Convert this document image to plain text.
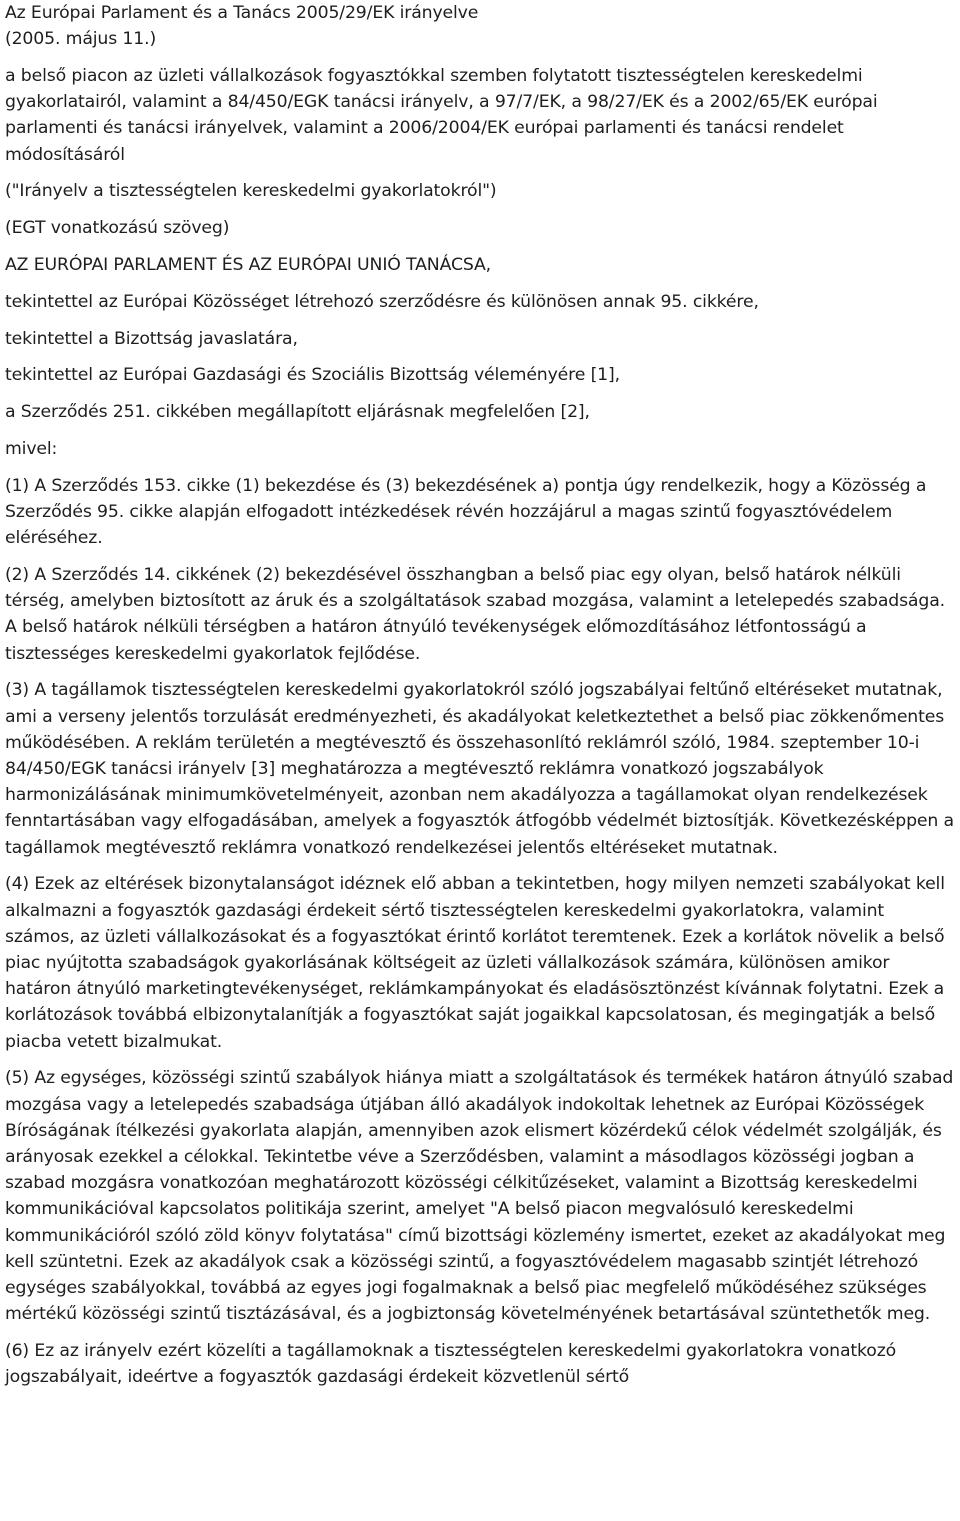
Az Európai Parlament és a Tanács 2005/29/EK irányelve
(2005. május 11.)
a belső piacon az üzleti vállalkozások fogyasztókkal szemben folytatott tisztességtelen kereskedelmi gyakorlatairól, valamint a 84/450/EGK tanácsi irányelv, a 97/7/EK, a 98/27/EK és a 2002/65/EK európai parlamenti és tanácsi irányelvek, valamint a 2006/2004/EK európai parlamenti és tanácsi rendelet módosításáról
("Irányelv a tisztességtelen kereskedelmi gyakorlatokról")
(EGT vonatkozású szöveg)
AZ EURÓPAI PARLAMENT ÉS AZ EURÓPAI UNIÓ TANÁCSA,
tekintettel az Európai Közösséget létrehozó szerződésre és különösen annak 95. cikkére,
tekintettel a Bizottság javaslatára,
tekintettel az Európai Gazdasági és Szociális Bizottság véleményére [1],
a Szerződés 251. cikkében megállapított eljárásnak megfelelően [2],
mivel:
(1) A Szerződés 153. cikke (1) bekezdése és (3) bekezdésének a) pontja úgy rendelkezik, hogy a Közösség a Szerződés 95. cikke alapján elfogadott intézkedések révén hozzájárul a magas szintű fogyasztóvédelem eléréséhez.
(2) A Szerződés 14. cikkének (2) bekezdésével összhangban a belső piac egy olyan, belső határok nélküli térség, amelyben biztosított az áruk és a szolgáltatások szabad mozgása, valamint a letelepedés szabadsága. A belső határok nélküli térségben a határon átnyúló tevékenységek előmozdításához létfontosságú a tisztességes kereskedelmi gyakorlatok fejlődése.
(3) A tagállamok tisztességtelen kereskedelmi gyakorlatokról szóló jogszabályai feltűnő eltéréseket mutatnak, ami a verseny jelentős torzulását eredményezheti, és akadályokat keletkeztethet a belső piac zökkenőmentes működésében. A reklám területén a megtévesztő és összehasonlító reklámról szóló, 1984. szeptember 10-i 84/450/EGK tanácsi irányelv [3] meghatározza a megtévesztő reklámra vonatkozó jogszabályok harmonizálásának minimumkövetelményeit, azonban nem akadályozza a tagállamokat olyan rendelkezések fenntartásában vagy elfogadásában, amelyek a fogyasztók átfogóbb védelmét biztosítják. Következésképpen a tagállamok megtévesztő reklámra vonatkozó rendelkezései jelentős eltéréseket mutatnak.
(4) Ezek az eltérések bizonytalanságot idéznek elő abban a tekintetben, hogy milyen nemzeti szabályokat kell alkalmazni a fogyasztók gazdasági érdekeit sértő tisztességtelen kereskedelmi gyakorlatokra, valamint számos, az üzleti vállalkozásokat és a fogyasztókat érintő korlátot teremtenek. Ezek a korlátok növelik a belső piac nyújtotta szabadságok gyakorlásának költségeit az üzleti vállalkozások számára, különösen amikor határon átnyúló marketingtevékenységet, reklámkampányokat és eladásösztönzést kívánnak folytatni. Ezek a korlátozások továbbá elbizonytalanítják a fogyasztókat saját jogaikkal kapcsolatosan, és megingatják a belső piacba vetett bizalmukat.
(5) Az egységes, közösségi szintű szabályok hiánya miatt a szolgáltatások és termékek határon átnyúló szabad mozgása vagy a letelepedés szabadsága útjában álló akadályok indokoltak lehetnek az Európai Közösségek Bíróságának ítélkezési gyakorlata alapján, amennyiben azok elismert közérdekű célok védelmét szolgálják, és arányosak ezekkel a célokkal. Tekintetbe véve a Szerződésben, valamint a másodlagos közösségi jogban a szabad mozgásra vonatkozóan meghatározott közösségi célkitűzéseket, valamint a Bizottság kereskedelmi kommunikációval kapcsolatos politikája szerint, amelyet "A belső piacon megvalósuló kereskedelmi kommunikációról szóló zöld könyv folytatása" című bizottsági közlemény ismertet, ezeket az akadályokat meg kell szüntetni. Ezek az akadályok csak a közösségi szintű, a fogyasztóvédelem magasabb szintjét létrehozó egységes szabályokkal, továbbá az egyes jogi fogalmaknak a belső piac megfelelő működéséhez szükséges mértékű közösségi szintű tisztázásával, és a jogbiztonság követelményének betartásával szüntethetők meg.
(6) Ez az irányelv ezért közelíti a tagállamoknak a tisztességtelen kereskedelmi gyakorlatokra vonatkozó jogszabályait, ideértve a fogyasztók gazdasági érdekeit közvetlenül sértő
